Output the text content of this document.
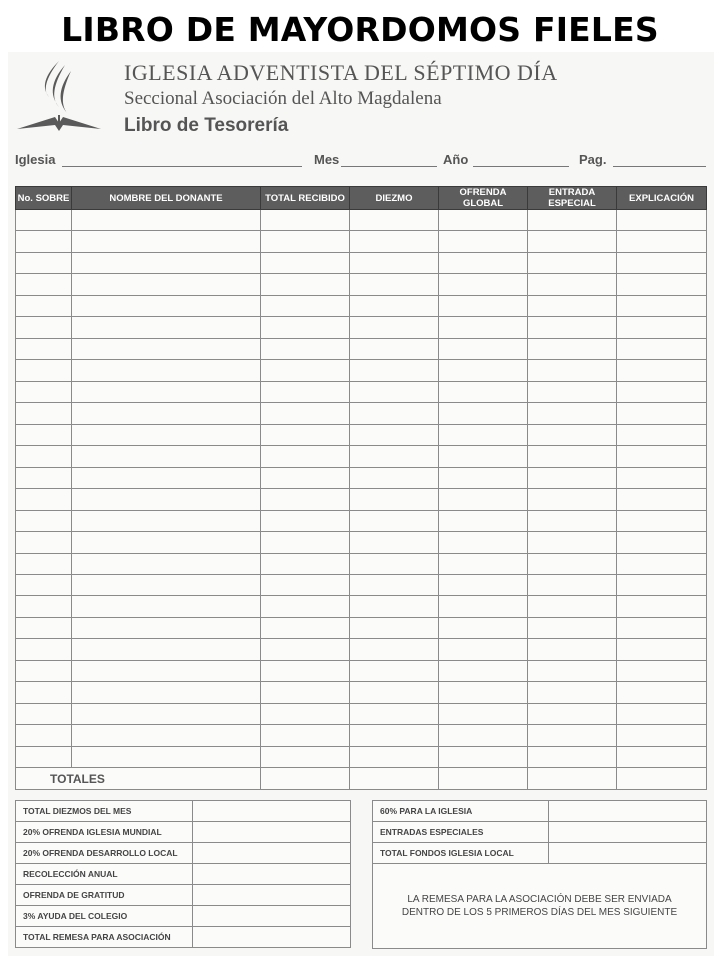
LIBRO DE MAYORDOMOS FIELES
IGLESIA ADVENTISTA DEL SÉPTIMO DÍA
Seccional Asociación del Alto Magdalena
Libro de Tesorería
Iglesia	Mes	Año	Pag.
No. SOBRE	NOMBRE DEL DONANTE	TOTAL RECIBIDO	DIEZMO	OFRENDA GLOBAL	ENTRADA ESPECIAL	EXPLICACIÓN

TOTALES						
TOTAL DIEZMOS DEL MES	
20% OFRENDA IGLESIA MUNDIAL	
20% OFRENDA DESARROLLO LOCAL	
RECOLECCIÓN ANUAL	
OFRENDA DE GRATITUD	
3% AYUDA DEL COLEGIO	
TOTAL REMESA PARA ASOCIACIÓN	
60% PARA LA IGLESIA	
ENTRADAS ESPECIALES	
TOTAL FONDOS IGLESIA LOCAL	
LA REMESA PARA LA ASOCIACIÓN DEBE SER ENVIADA
DENTRO DE LOS 5 PRIMEROS DÍAS DEL MES SIGUIENTE	
